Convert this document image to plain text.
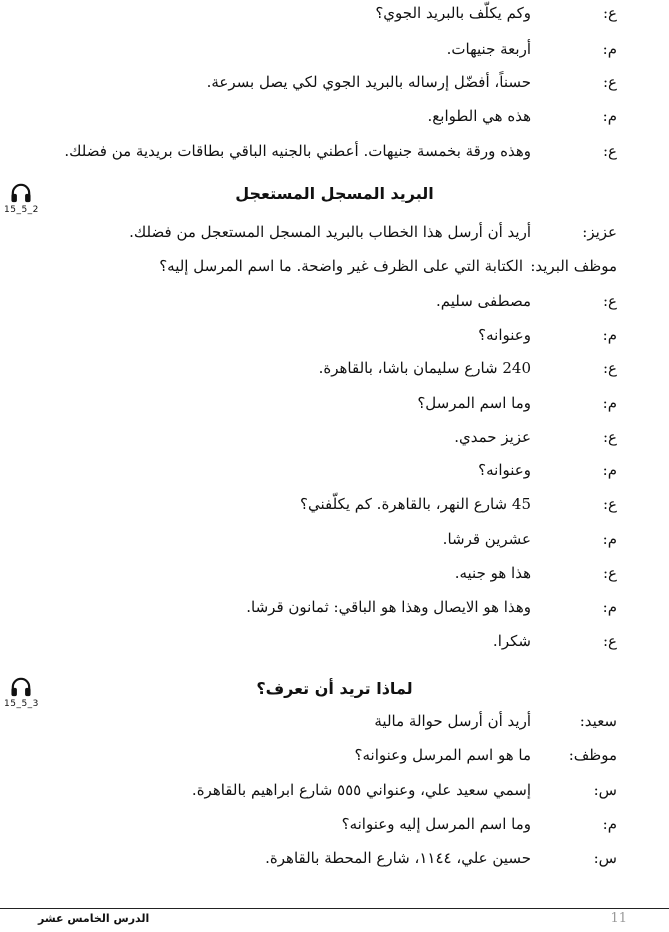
ع:
وكم يكلّف بالبريد الجوي؟
م:
أربعة جنيهات.
ع:
حسناً، أفضّل إرساله بالبريد الجوي لكي يصل بسرعة.
م:
هذه هي الطوابع.
ع:
وهذه ورقة بخمسة جنيهات. أعطني بالجنيه الباقي بطاقات بريدية من فضلك.
15_5_2
البريد المسجل المستعجل
عزيز:
أريد أن أرسل هذا الخطاب بالبريد المسجل المستعجل من فضلك.
موظف البريد:
الكتابة التي على الظرف غير واضحة. ما اسم المرسل إليه؟
ع:
مصطفى سليم.
م:
وعنوانه؟
ع:
240 شارع سليمان باشا، بالقاهرة.
م:
وما اسم المرسل؟
ع:
عزيز حمدي.
م:
وعنوانه؟
ع:
45 شارع النهر، بالقاهرة. كم يكلّفني؟
م:
عشرين قرشا.
ع:
هذا هو جنيه.
م:
وهذا هو الايصال وهذا هو الباقي: ثمانون قرشا.
ع:
شكرا.
15_5_3
لماذا تريد أن تعرف؟
سعيد:
أريد أن أرسل حوالة مالية
موظف:
ما هو اسم المرسل وعنوانه؟
س:
إسمي سعيد علي، وعنواني ٥٥٥ شارع ابراهيم بالقاهرة.
م:
وما اسم المرسل إليه وعنوانه؟
س:
حسين علي، ١١٤٤، شارع المحطة بالقاهرة.
الدرس الخامس عشر	11
